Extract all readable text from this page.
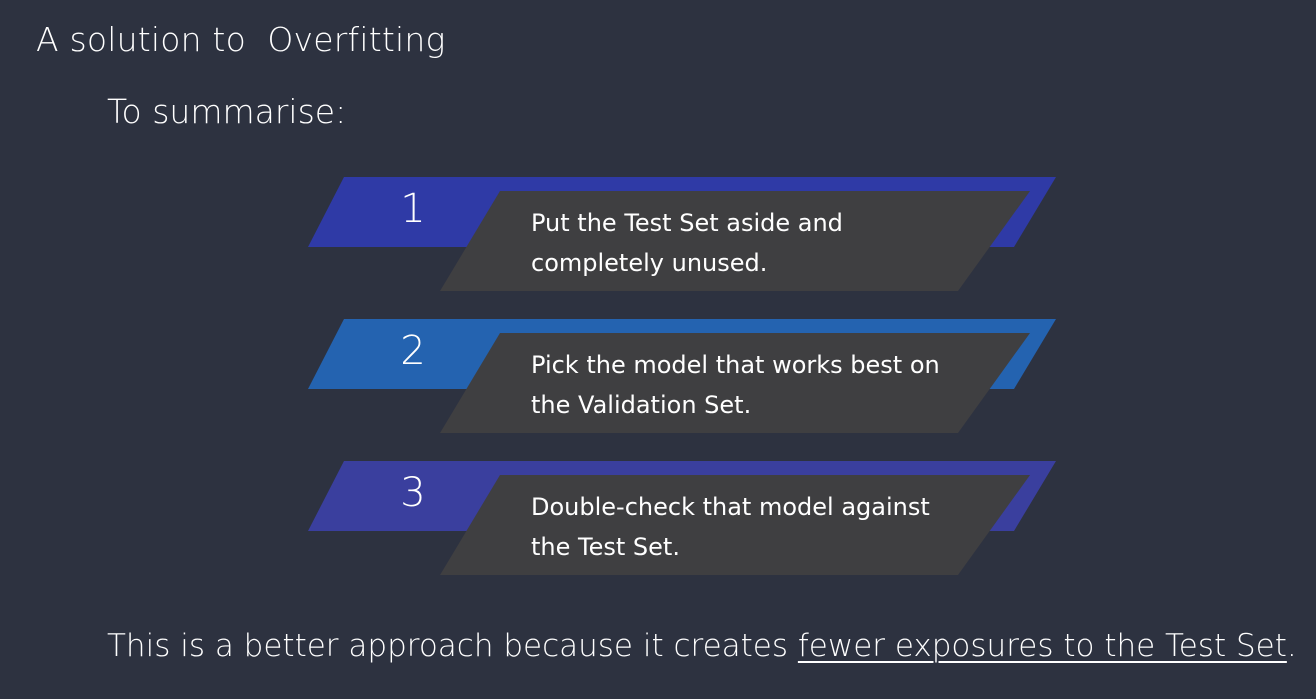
A solution to  Overfitting
To summarise:
1	Put the Test Set aside and completely unused.
2	Pick the model that works best on the Validation Set.
3	Double-check that model against the Test Set.
This is a better approach because it creates fewer exposures to the Test Set.
